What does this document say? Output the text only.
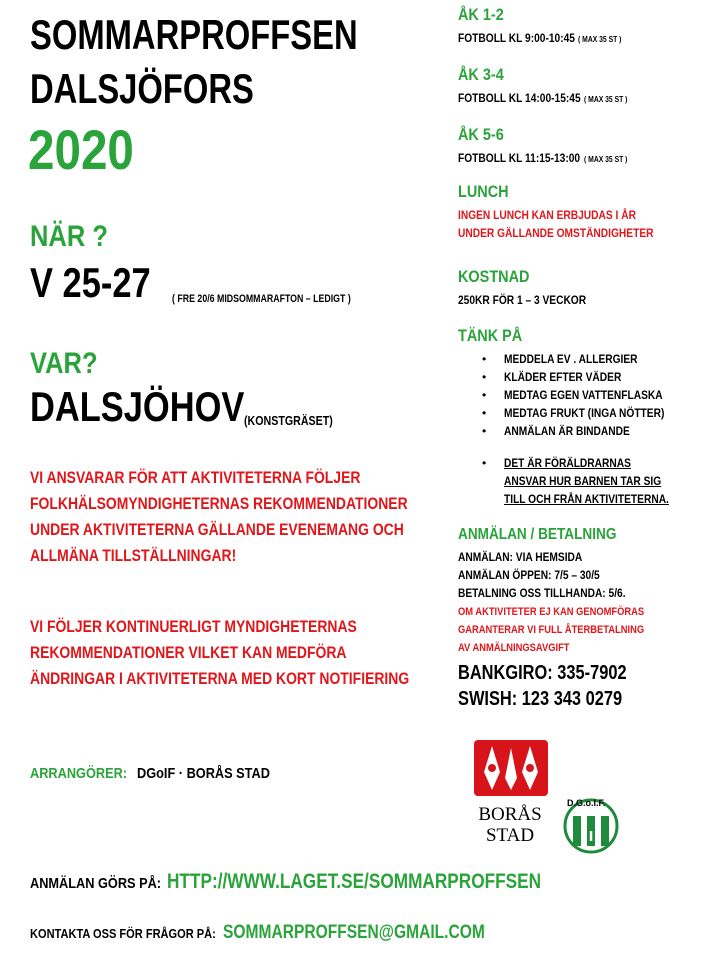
SOMMARPROFFSEN
DALSJÖFORS
2020
NÄR ?
V 25-27	( FRE 20/6 MIDSOMMARAFTON – LEDIGT )
VAR?
DALSJÖHOV (KONSTGRÄSET)
VI ANSVARAR FÖR ATT AKTIVITETERNA FÖLJER
FOLKHÄLSOMYNDIGHETERNAS REKOMMENDATIONER
UNDER AKTIVITETERNA GÄLLANDE EVENEMANG OCH
ALLMÄNA TILLSTÄLLNINGAR!
VI FÖLJER KONTINUERLIGT MYNDIGHETERNAS
REKOMMENDATIONER VILKET KAN MEDFÖRA
ÄNDRINGAR I AKTIVITETERNA MED KORT NOTIFIERING
ARRANGÖRER: DGoIF · BORÅS STAD
ÅK 1-2
FOTBOLL KL 9:00-10:45 ( MAX 35 ST )
ÅK 3-4
FOTBOLL KL 14:00-15:45 ( MAX 35 ST )
ÅK 5-6
FOTBOLL KL 11:15-13:00 ( MAX 35 ST )
LUNCH
INGEN LUNCH KAN ERBJUDAS I ÅR
UNDER GÄLLANDE OMSTÄNDIGHETER
KOSTNAD
250KR FÖR 1 – 3 VECKOR
TÄNK PÅ
• MEDDELA EV . ALLERGIER
• KLÄDER EFTER VÄDER
• MEDTAG EGEN VATTENFLASKA
• MEDTAG FRUKT (INGA NÖTTER)
• ANMÄLAN ÄR BINDANDE
• DET ÄR FÖRÄLDRARNAS
ANSVAR HUR BARNEN TAR SIG
TILL OCH FRÅN AKTIVITETERNA.
ANMÄLAN / BETALNING
ANMÄLAN: VIA HEMSIDA
ANMÄLAN ÖPPEN: 7/5 – 30/5
BETALNING OSS TILLHANDA: 5/6.
OM AKTIVITETER EJ KAN GENOMFÖRAS
GARANTERAR VI FULL ÅTERBETALNING
AV ANMÄLNINGSAVGIFT
BANKGIRO: 335-7902
SWISH: 123 343 0279
BORÅS
STAD	I
D.G.o.I.F.
ANMÄLAN GÖRS PÅ: HTTP://WWW.LAGET.SE/SOMMARPROFFSEN
KONTAKTA OSS FÖR FRÅGOR PÅ: SOMMARPROFFSEN@GMAIL.COM
